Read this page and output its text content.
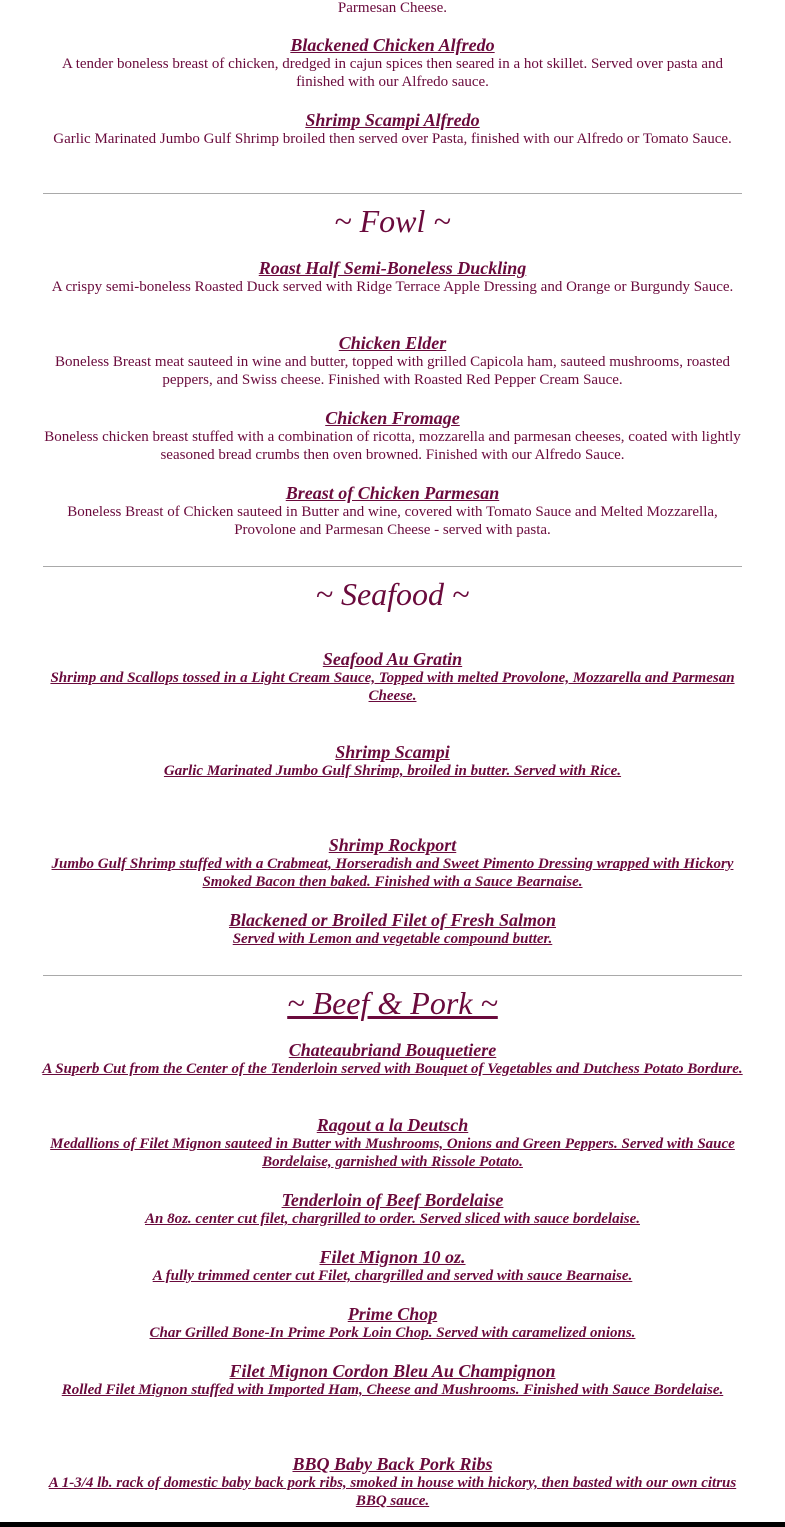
Parmesan Cheese.
Blackened Chicken Alfredo
A tender boneless breast of chicken, dredged in cajun spices then seared in a hot skillet. Served over pasta and finished with our Alfredo sauce.
Shrimp Scampi Alfredo
Garlic Marinated Jumbo Gulf Shrimp broiled then served over Pasta, finished with our Alfredo or Tomato Sauce.
~ Fowl ~
Roast Half Semi-Boneless Duckling
A crispy semi-boneless Roasted Duck served with Ridge Terrace Apple Dressing and Orange or Burgundy Sauce.
Chicken Elder
Boneless Breast meat sauteed in wine and butter, topped with grilled Capicola ham, sauteed mushrooms, roasted peppers, and Swiss cheese. Finished with Roasted Red Pepper Cream Sauce.
Chicken Fromage
Boneless chicken breast stuffed with a combination of ricotta, mozzarella and parmesan cheeses, coated with lightly seasoned bread crumbs then oven browned. Finished with our Alfredo Sauce.
Breast of Chicken Parmesan
Boneless Breast of Chicken sauteed in Butter and wine, covered with Tomato Sauce and Melted Mozzarella, Provolone and Parmesan Cheese - served with pasta.
~ Seafood ~
Seafood Au Gratin
Shrimp and Scallops tossed in a Light Cream Sauce, Topped with melted Provolone, Mozzarella and Parmesan Cheese.
Shrimp Scampi
Garlic Marinated Jumbo Gulf Shrimp, broiled in butter. Served with Rice.
Shrimp Rockport
Jumbo Gulf Shrimp stuffed with a Crabmeat, Horseradish and Sweet Pimento Dressing wrapped with Hickory Smoked Bacon then baked. Finished with a Sauce Bearnaise.
Blackened or Broiled Filet of Fresh Salmon
Served with Lemon and vegetable compound butter.
~ Beef & Pork ~
Chateaubriand Bouquetiere
A Superb Cut from the Center of the Tenderloin served with Bouquet of Vegetables and Dutchess Potato Bordure.
Ragout a la Deutsch
Medallions of Filet Mignon sauteed in Butter with Mushrooms, Onions and Green Peppers. Served with Sauce Bordelaise, garnished with Rissole Potato.
Tenderloin of Beef Bordelaise
An 8oz. center cut filet, chargrilled to order. Served sliced with sauce bordelaise.
Filet Mignon 10 oz.
A fully trimmed center cut Filet, chargrilled and served with sauce Bearnaise.
Prime Chop
Char Grilled Bone-In Prime Pork Loin Chop. Served with caramelized onions.
Filet Mignon Cordon Bleu Au Champignon
Rolled Filet Mignon stuffed with Imported Ham, Cheese and Mushrooms. Finished with Sauce Bordelaise.
BBQ Baby Back Pork Ribs
A 1-3/4 lb. rack of domestic baby back pork ribs, smoked in house with hickory, then basted with our own citrus BBQ sauce.
